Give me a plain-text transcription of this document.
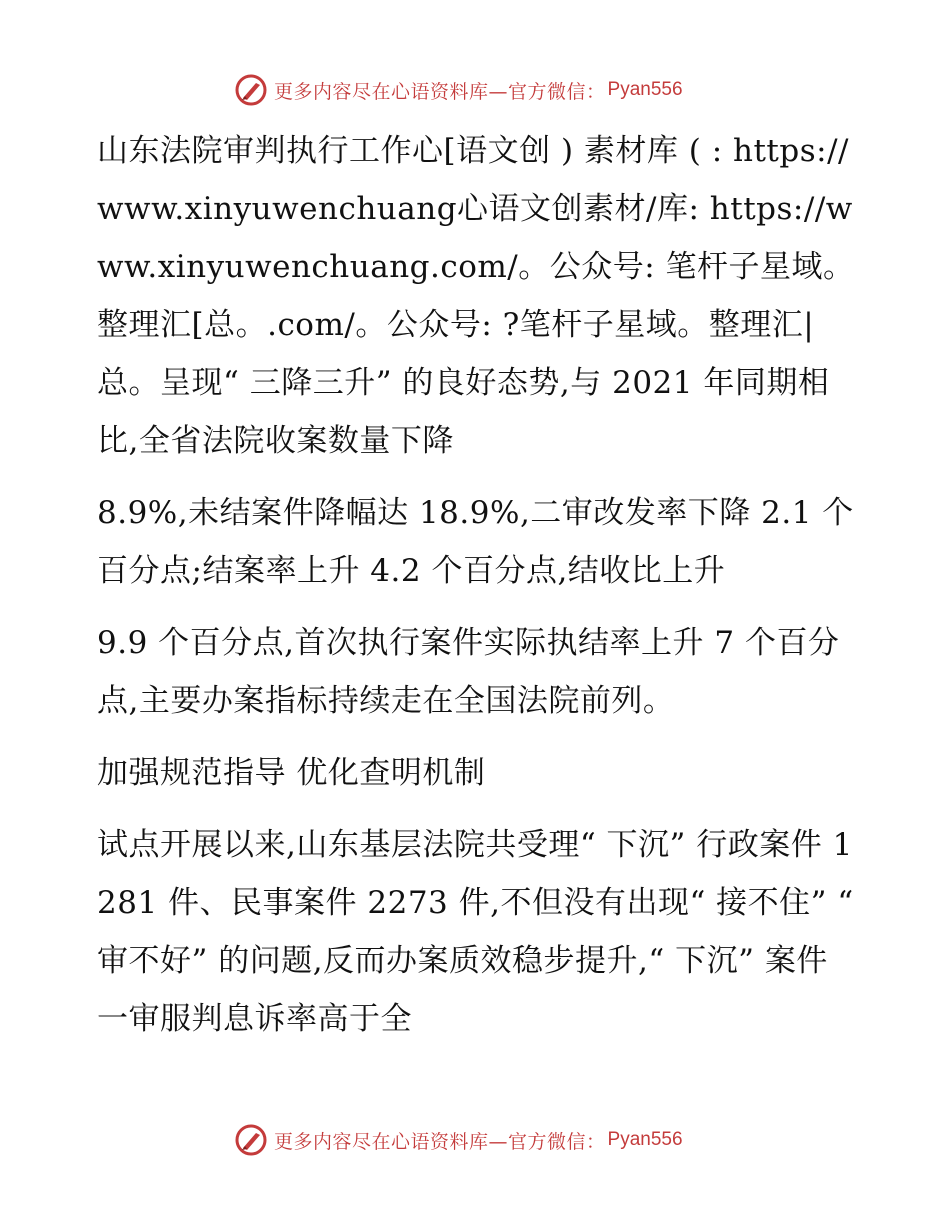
更多内容尽在心语资料库—官方微信： Pyan556

山东法院审判执行工作心[语文创 ) 素材库 ( : https://www.xinyuwenchuang心语文创素材/库: https://www.xinyuwenchuang.com/。公众号: 笔杆子星域。整理汇[总。.com/。公众号: ?笔杆子星域。整理汇|总。呈现“ 三降三升” 的良好态势,与 2021 年同期相比,全省法院收案数量下降

8.9%,未结案件降幅达 18.9%,二审改发率下降 2.1 个百分点;结案率上升 4.2 个百分点,结收比上升

9.9 个百分点,首次执行案件实际执结率上升 7 个百分点,主要办案指标持续走在全国法院前列。

加强规范指导 优化查明机制

试点开展以来,山东基层法院共受理“ 下沉” 行政案件 1281 件、民事案件 2273 件,不但没有出现“ 接不住” “ 审不好” 的问题,反而办案质效稳步提升,“ 下沉” 案件一审服判息诉率高于全

更多内容尽在心语资料库—官方微信： Pyan556
